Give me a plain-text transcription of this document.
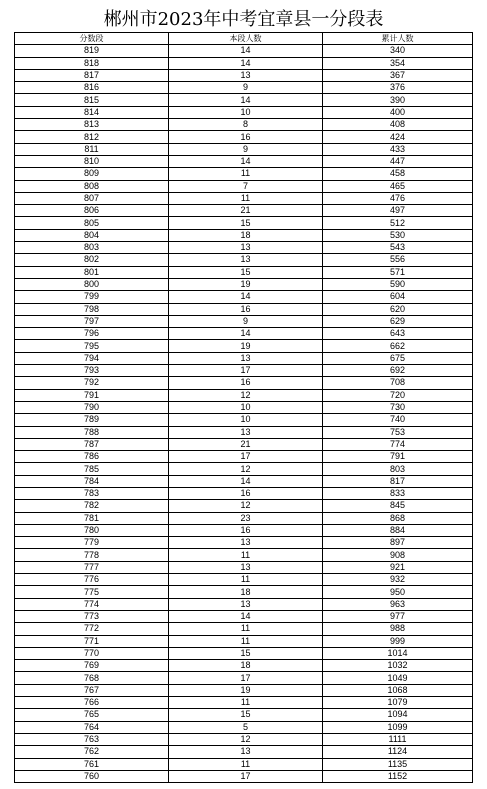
郴州市2023年中考宜章县一分段表
分数段	本段人数	累计人数
819	14	340
818	14	354
817	13	367
816	9	376
815	14	390
814	10	400
813	8	408
812	16	424
811	9	433
810	14	447
809	11	458
808	7	465
807	11	476
806	21	497
805	15	512
804	18	530
803	13	543
802	13	556
801	15	571
800	19	590
799	14	604
798	16	620
797	9	629
796	14	643
795	19	662
794	13	675
793	17	692
792	16	708
791	12	720
790	10	730
789	10	740
788	13	753
787	21	774
786	17	791
785	12	803
784	14	817
783	16	833
782	12	845
781	23	868
780	16	884
779	13	897
778	11	908
777	13	921
776	11	932
775	18	950
774	13	963
773	14	977
772	11	988
771	11	999
770	15	1014
769	18	1032
768	17	1049
767	19	1068
766	11	1079
765	15	1094
764	5	1099
763	12	1111
762	13	1124
761	11	1135
760	17	1152
